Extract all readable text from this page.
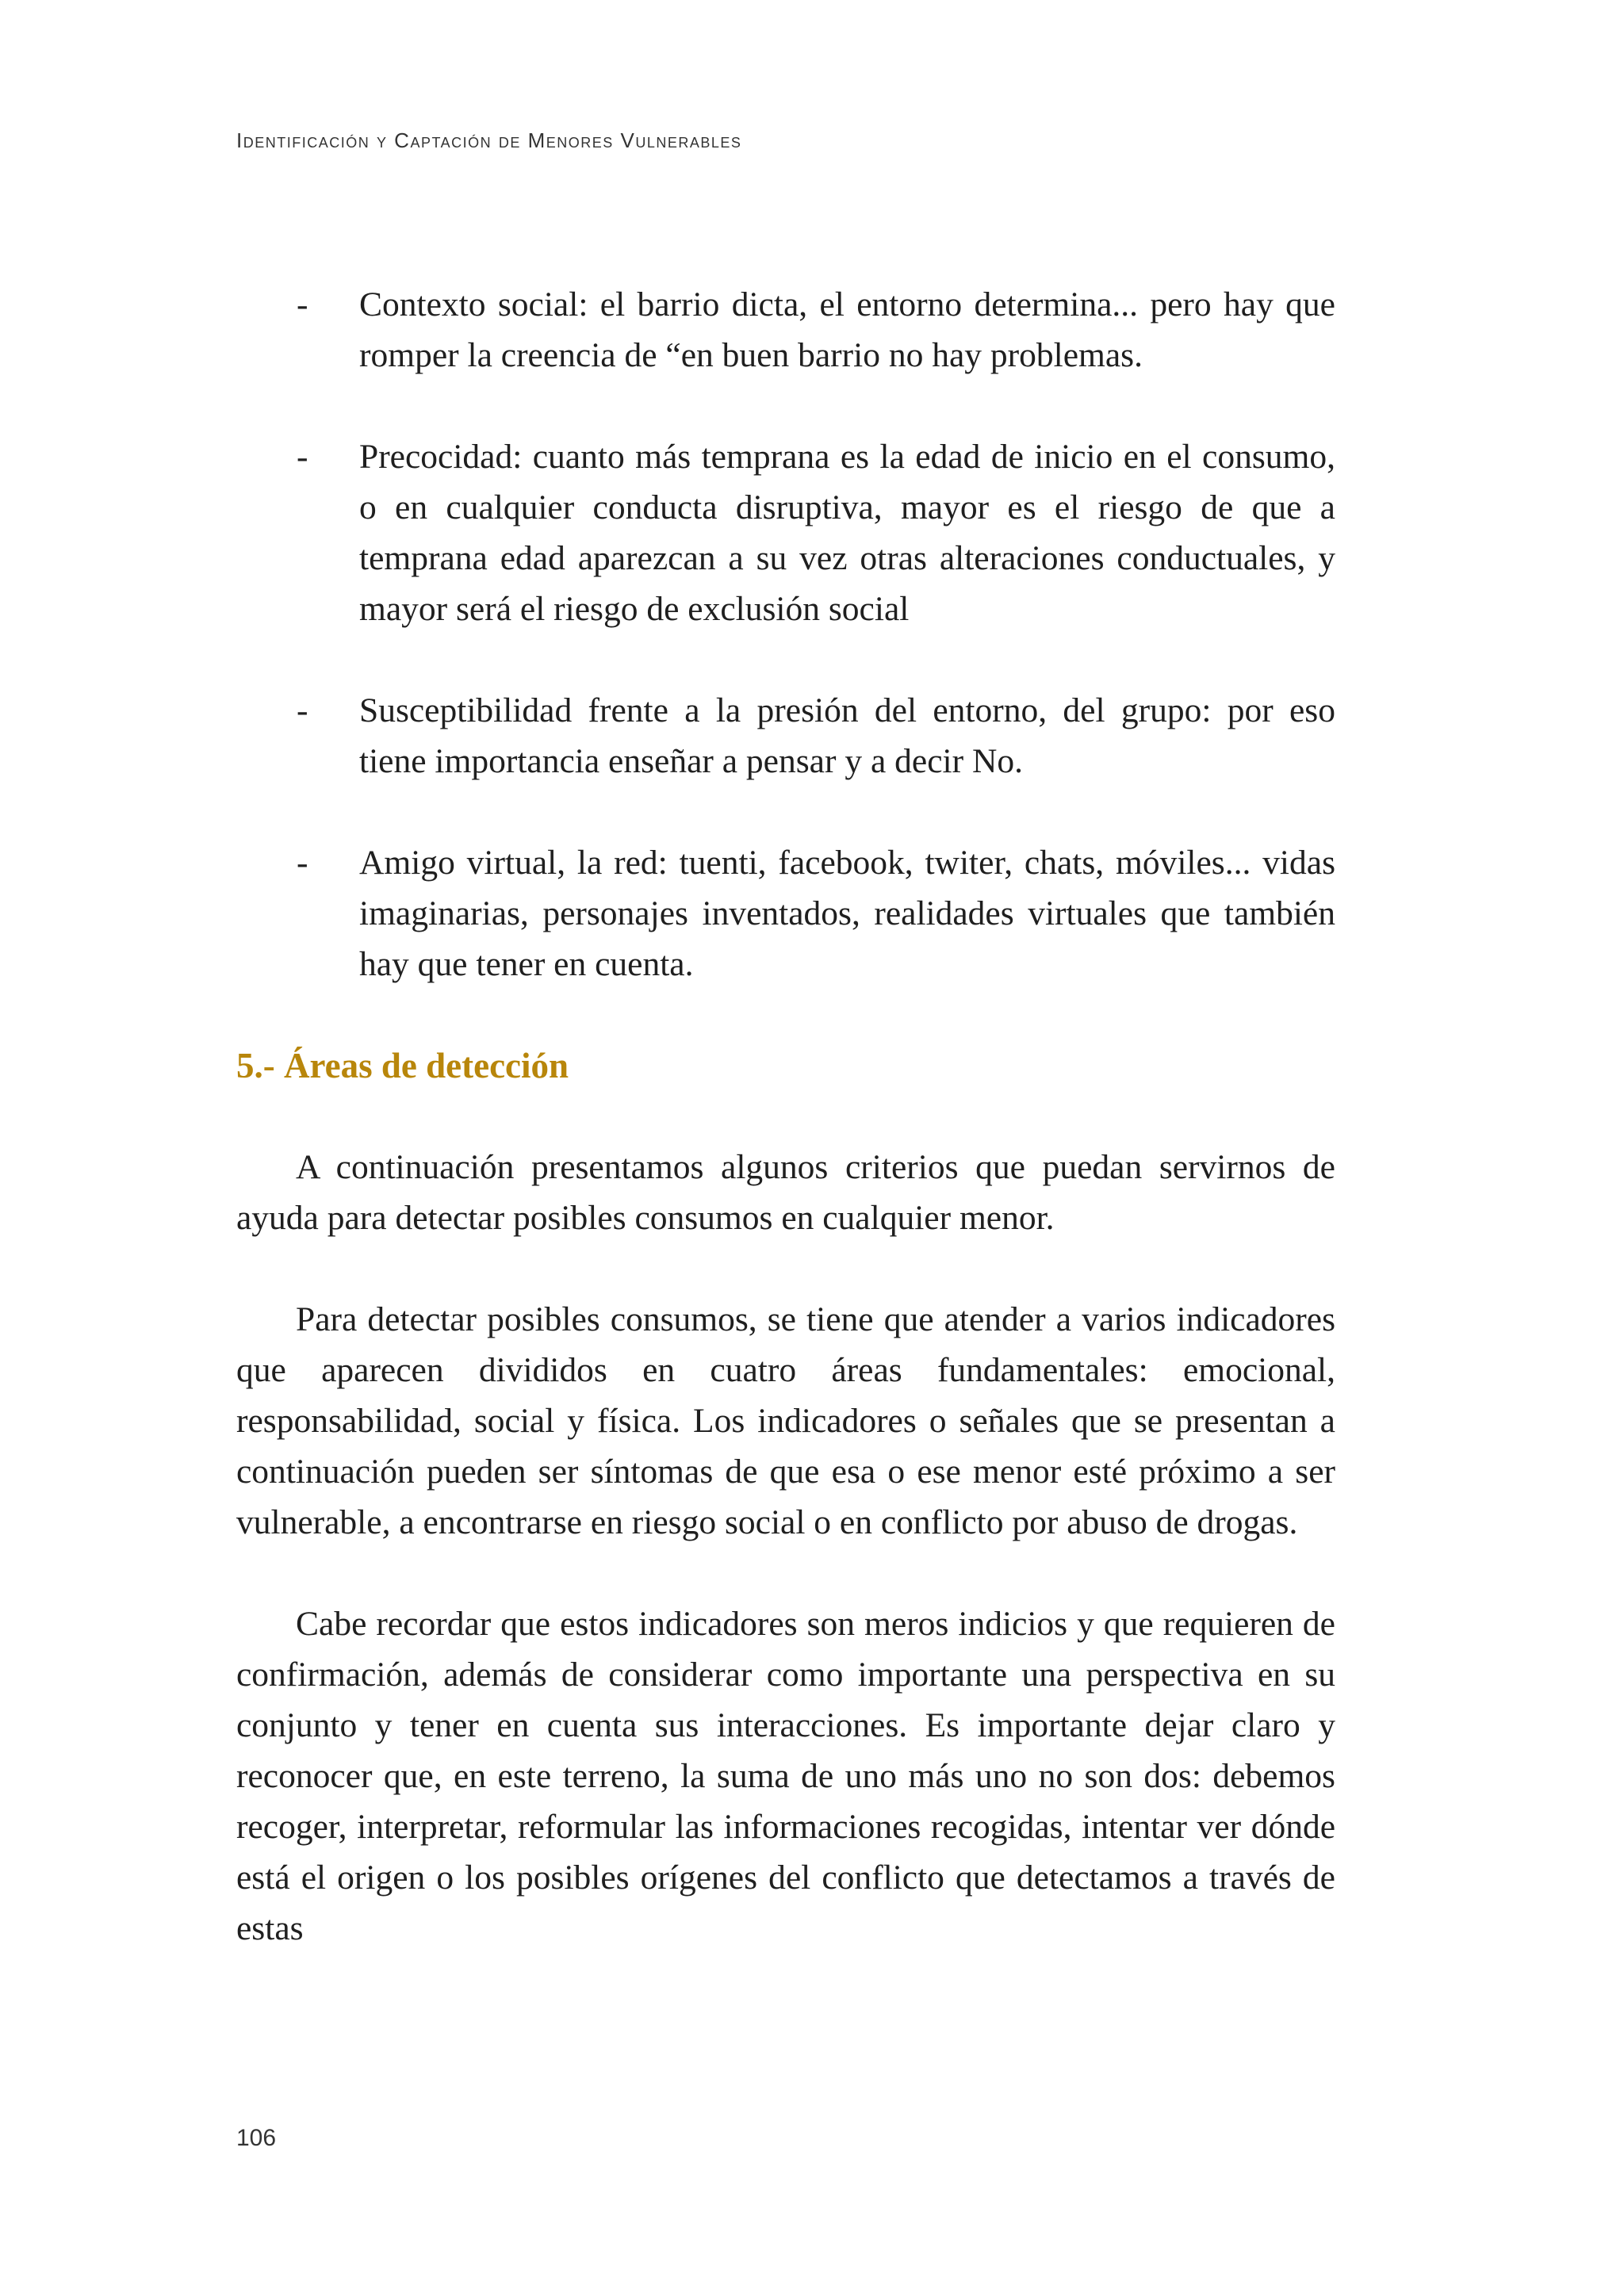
Identificación y Captación de Menores Vulnerables
- Contexto social: el barrio dicta, el entorno determina... pero hay que romper la creencia de “en buen barrio no hay problemas.
- Precocidad: cuanto más temprana es la edad de inicio en el consumo, o en cualquier conducta disruptiva, mayor es el riesgo de que a temprana edad aparezcan a su vez otras alteraciones conductuales, y mayor será el riesgo de exclusión social
- Susceptibilidad frente a la presión del entorno, del grupo: por eso tiene importancia enseñar a pensar y a decir No.
- Amigo virtual, la red: tuenti, facebook, twiter, chats, móviles... vidas imaginarias, personajes inventados, realidades virtuales que también hay que tener en cuenta.
5.- Áreas de detección

A continuación presentamos algunos criterios que puedan servirnos de ayuda para detectar posibles consumos en cualquier menor.

Para detectar posibles consumos, se tiene que atender a varios indicadores que aparecen divididos en cuatro áreas fundamentales: emocional, responsabilidad, social y física. Los indicadores o señales que se presentan a continuación pueden ser síntomas de que esa o ese menor esté próximo a ser vulnerable, a encontrarse en riesgo social o en conflicto por abuso de drogas.

Cabe recordar que estos indicadores son meros indicios y que requieren de confirmación, además de considerar como importante una perspectiva en su conjunto y tener en cuenta sus interacciones. Es importante dejar claro y reconocer que, en este terreno, la suma de uno más uno no son dos: debemos recoger, interpretar, reformular las informaciones recogidas, intentar ver dónde está el origen o los posibles orígenes del conflicto que detectamos a través de estas

106
